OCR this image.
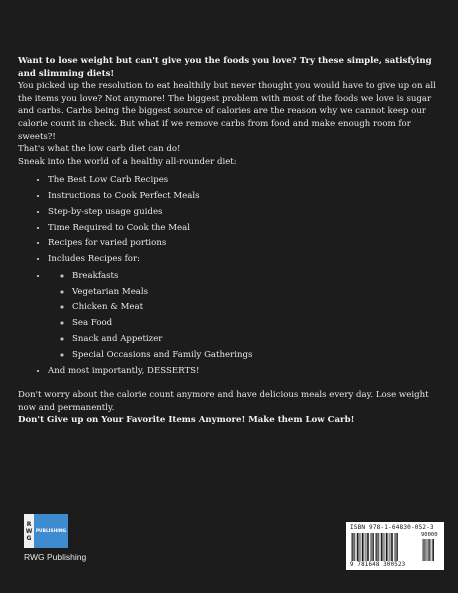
Want to lose weight but can't give you the foods you love? Try these simple, satisfying and slimming diets!

You picked up the resolution to eat healthily but never thought you would have to give up on all the items you love? Not anymore! The biggest problem with most of the foods we love is sugar and carbs. Carbs being the biggest source of calories are the reason why we cannot keep our calorie count in check. But what if we remove carbs from food and make enough room for sweets?!

That's what the low carb diet can do!

Sneak into the world of a healthy all-rounder diet:

• The Best Low Carb Recipes
• Instructions to Cook Perfect Meals
• Step-by-step usage guides
• Time Required to Cook the Meal
• Recipes for varied portions
• Includes Recipes for:
◦ • Breakfasts
◦ Vegetarian Meals
◦ Chicken & Meat
◦ Sea Food
◦ Snack and Appetizer
◦ Special Occasions and Family Gatherings
• And most importantly, DESSERTS!

Don't worry about the calorie count anymore and have delicious meals every day. Lose weight now and permanently.

Don't Give up on Your Favorite Items Anymore! Make them Low Carb!

R
W
G
PUBLISHING
RWG Publishing
ISBN 978-1-64830-052-3
90000
9 781648 300523
